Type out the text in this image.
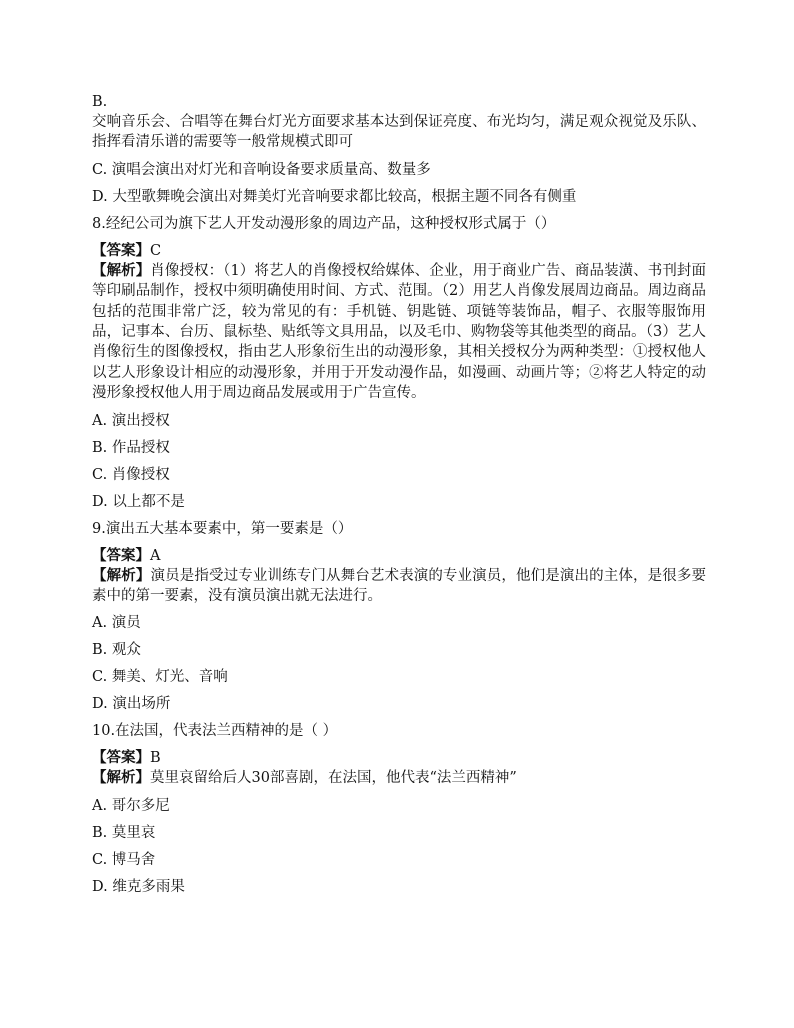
B.

交响音乐会、合唱等在舞台灯光方面要求基本达到保证亮度、布光均匀，满足观众视觉及乐队、指挥看清乐谱的需要等一般常规模式即可

C. 演唱会演出对灯光和音响设备要求质量高、数量多

D. 大型歌舞晚会演出对舞美灯光音响要求都比较高，根据主题不同各有侧重

8.经纪公司为旗下艺人开发动漫形象的周边产品，这种授权形式属于（）

【答案】C

【解析】肖像授权：（1）将艺人的肖像授权给媒体、企业，用于商业广告、商品装潢、书刊封面等印刷品制作，授权中须明确使用时间、方式、范围。（2）用艺人肖像发展周边商品。周边商品包括的范围非常广泛，较为常见的有：手机链、钥匙链、项链等装饰品，帽子、衣服等服饰用品，记事本、台历、鼠标垫、贴纸等文具用品，以及毛巾、购物袋等其他类型的商品。（3）艺人肖像衍生的图像授权，指由艺人形象衍生出的动漫形象，其相关授权分为两种类型：①授权他人以艺人形象设计相应的动漫形象，并用于开发动漫作品，如漫画、动画片等；②将艺人特定的动漫形象授权他人用于周边商品发展或用于广告宣传。

A. 演出授权

B. 作品授权

C. 肖像授权

D. 以上都不是

9.演出五大基本要素中，第一要素是（）

【答案】A

【解析】演员是指受过专业训练专门从舞台艺术表演的专业演员，他们是演出的主体，是很多要素中的第一要素，没有演员演出就无法进行。

A. 演员

B. 观众

C. 舞美、灯光、音响

D. 演出场所

10.在法国，代表法兰西精神的是（ ）

【答案】B

【解析】莫里哀留给后人30部喜剧，在法国，他代表“法兰西精神”

A. 哥尔多尼

B. 莫里哀

C. 博马舍

D. 维克多雨果
